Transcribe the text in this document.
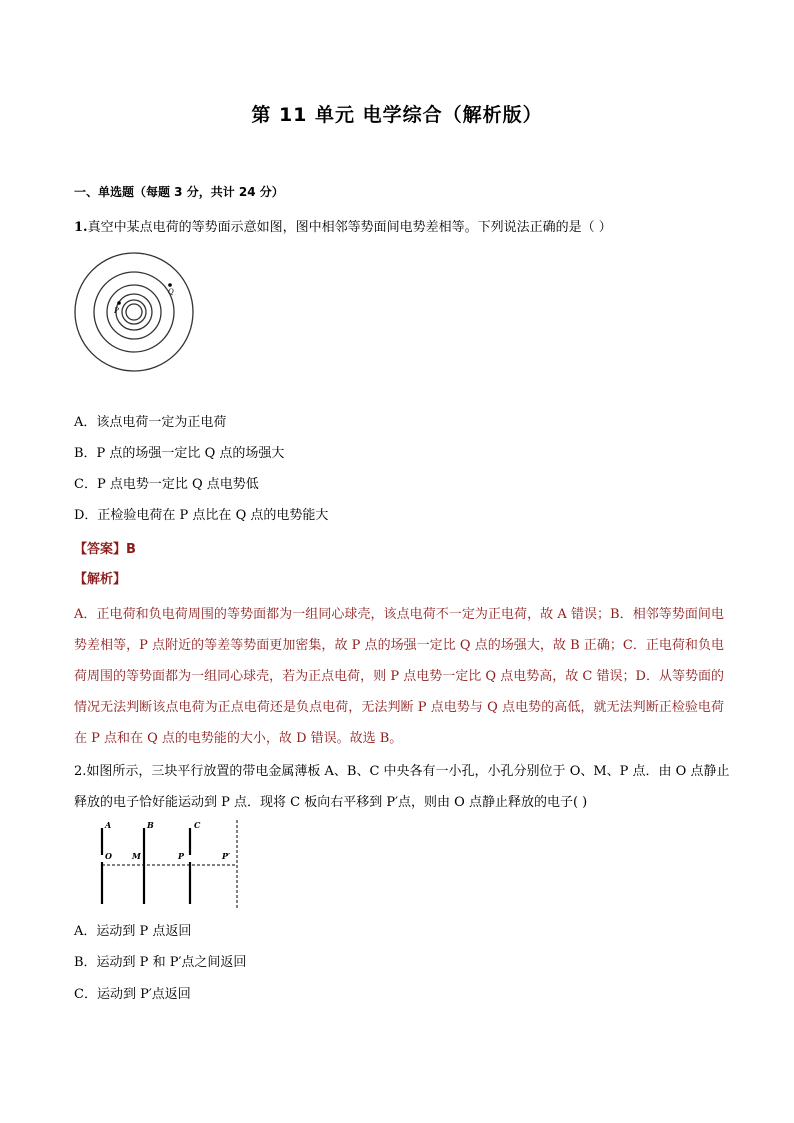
第 11 单元 电学综合（解析版）
一、单选题（每题 3 分，共计 24 分）
1.真空中某点电荷的等势面示意如图，图中相邻等势面间电势差相等。下列说法正确的是（ ）
P
Q
A．该点电荷一定为正电荷
B．P 点的场强一定比 Q 点的场强大
C．P 点电势一定比 Q 点电势低
D．正检验电荷在 P 点比在 Q 点的电势能大
【答案】B
【解析】
A．正电荷和负电荷周围的等势面都为一组同心球壳，该点电荷不一定为正电荷，故 A 错误；B．相邻等势面间电势差相等，P 点附近的等差等势面更加密集，故 P 点的场强一定比 Q 点的场强大，故 B 正确；C．正电荷和负电荷周围的等势面都为一组同心球壳，若为正点电荷，则 P 点电势一定比 Q 点电势高，故 C 错误；D．从等势面的情况无法判断该点电荷为正点电荷还是负点电荷，无法判断 P 点电势与 Q 点电势的高低，就无法判断正检验电荷在 P 点和在 Q 点的电势能的大小，故 D 错误。故选 B。
2.如图所示，三块平行放置的带电金属薄板 A、B、C 中央各有一小孔，小孔分别位于 O、M、P 点．由 O 点静止释放的电子恰好能运动到 P 点．现将 C 板向右平移到 P′点，则由 O 点静止释放的电子( )
A
O
B
M
C
P	P′
A．运动到 P 点返回
B．运动到 P 和 P′点之间返回
C．运动到 P′点返回
